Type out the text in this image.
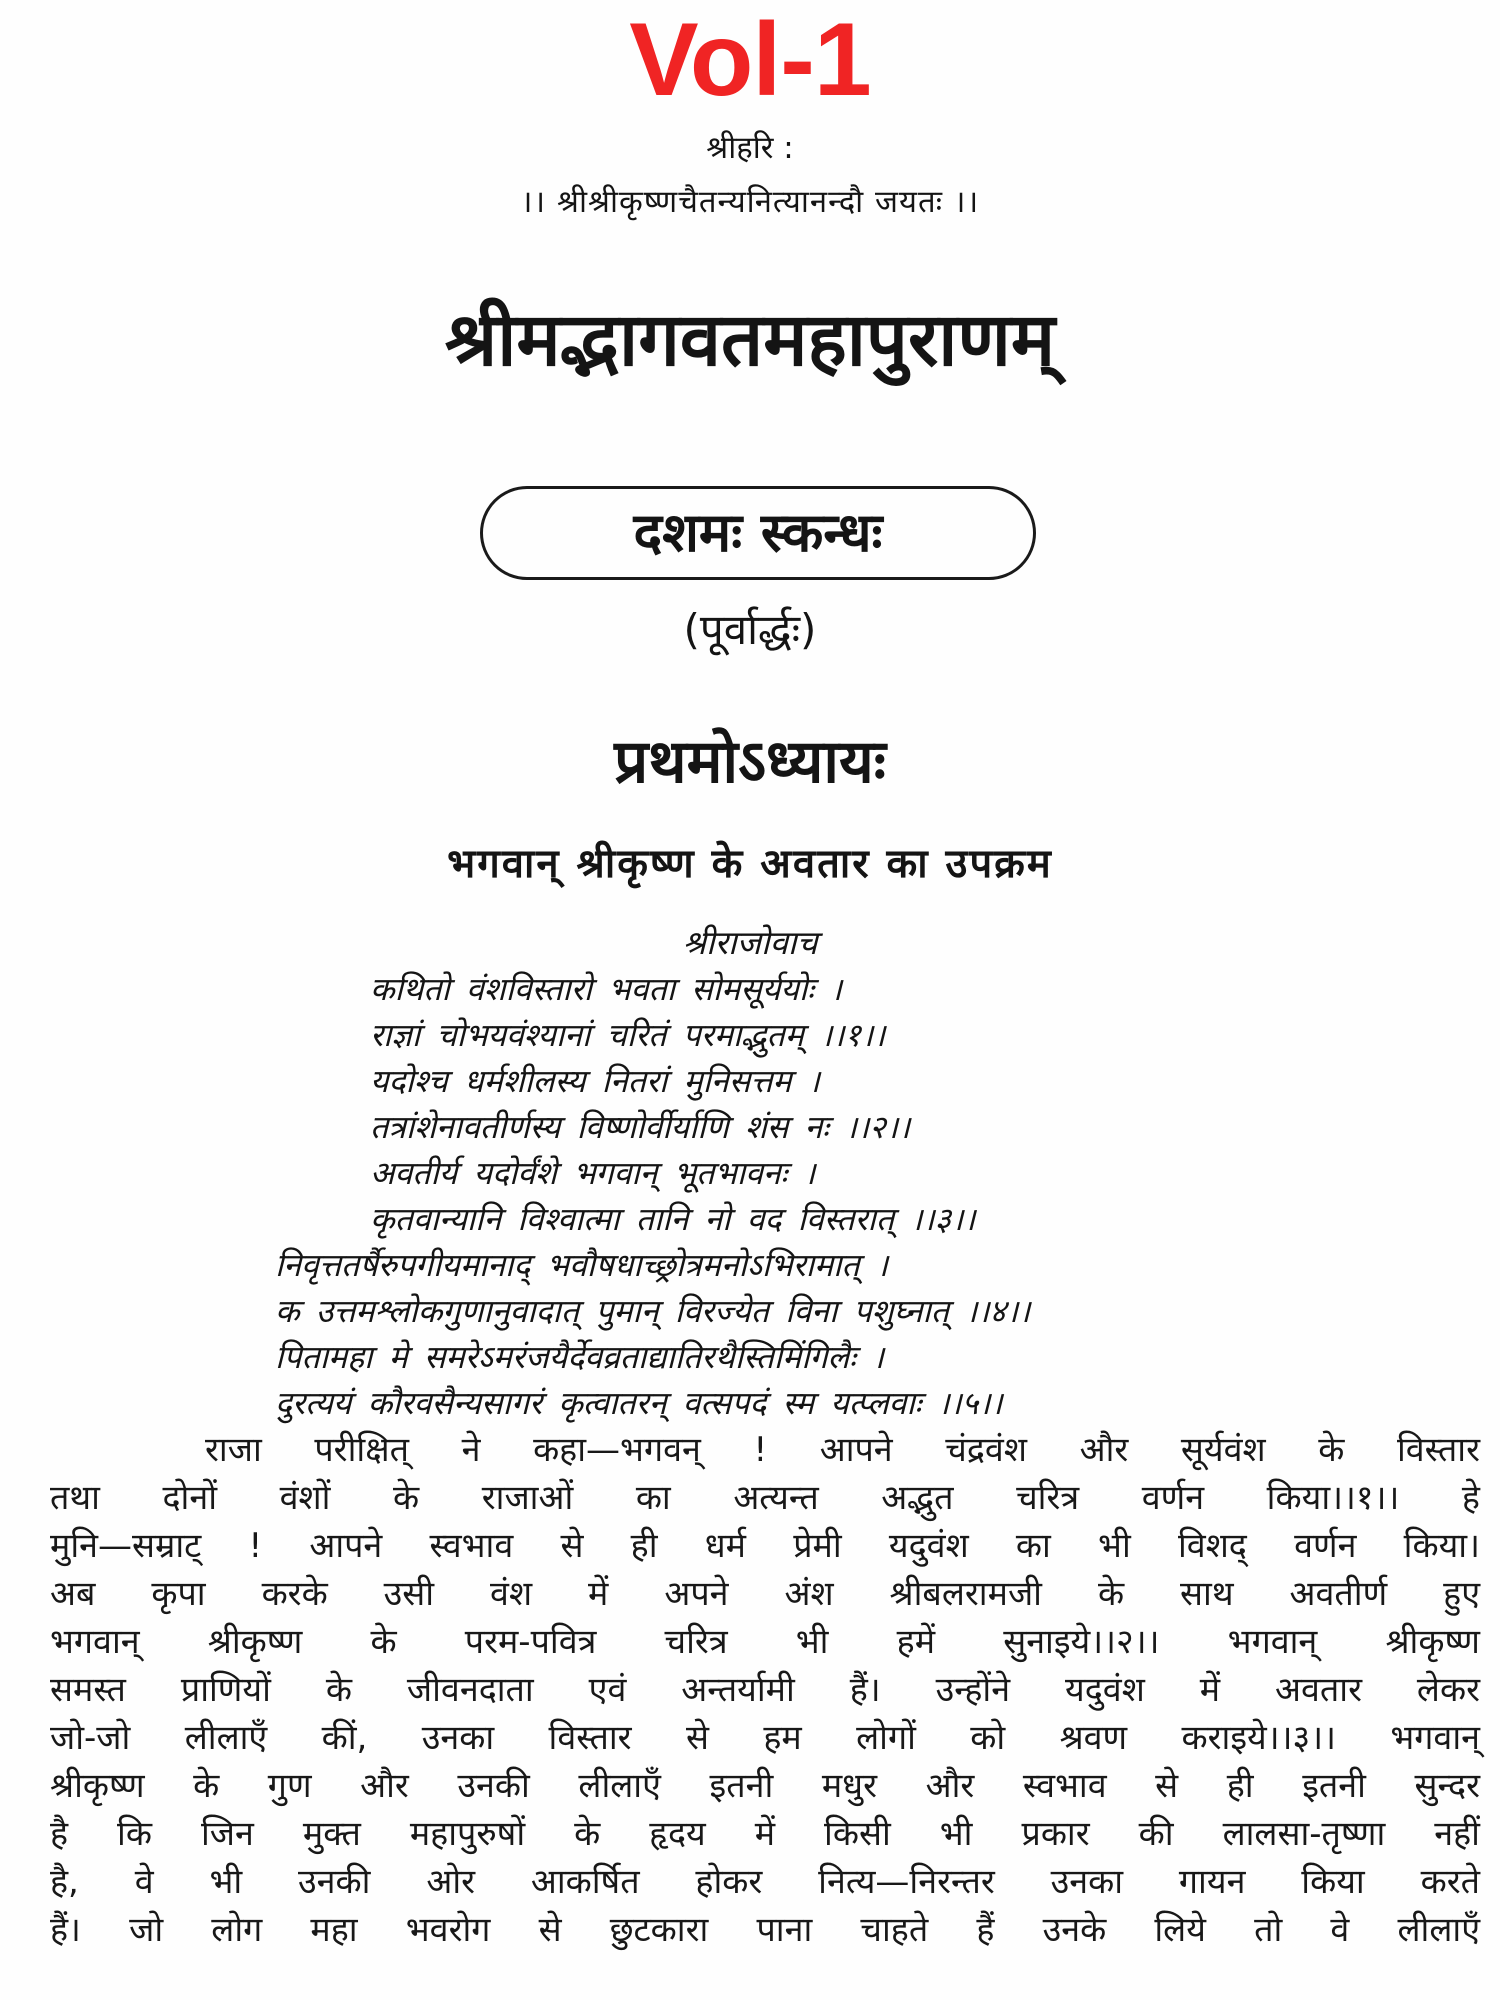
Vol-1
श्रीहरि :
।। श्रीश्रीकृष्णचैतन्यनित्यानन्दौ जयतः ।।
श्रीमद्भागवतमहापुराणम्
दशमः स्कन्धः
(पूर्वार्द्धः)
प्रथमोऽध्यायः
भगवान् श्रीकृष्ण के अवतार का उपक्रम
श्रीराजोवाच
कथितो वंशविस्तारो भवता सोमसूर्ययोः ।
राज्ञां चोभयवंश्यानां चरितं परमाद्भुतम् ।।१।।
यदोश्च धर्मशीलस्य नितरां मुनिसत्तम ।
तत्रांशेनावतीर्णस्य विष्णोर्वीर्याणि शंस नः ।।२।।
अवतीर्य यदोर्वंशे भगवान् भूतभावनः ।
कृतवान्यानि विश्वात्मा तानि नो वद विस्तरात् ।।३।।
निवृत्ततर्षैरुपगीयमानाद् भवौषधाच्छ्रोत्रमनोऽभिरामात् ।
क उत्तमश्लोकगुणानुवादात् पुमान् विरज्येत विना पशुघ्नात् ।।४।।
पितामहा मे समरेऽमरंजयैर्देवव्रताद्यातिरथैस्तिमिंगिलैः ।
दुरत्ययं कौरवसैन्यसागरं कृत्वातरन् वत्सपदं स्म यत्प्लवाः ।।५।।
राजा परीक्षित् ने कहा—भगवन् ! आपने चंद्रवंश और सूर्यवंश के विस्तार
तथा दोनों वंशों के राजाओं का अत्यन्त अद्भुत चरित्र वर्णन किया।।१।। हे
मुनि—सम्राट् ! आपने स्वभाव से ही धर्म प्रेमी यदुवंश का भी विशद् वर्णन किया।
अब कृपा करके उसी वंश में अपने अंश श्रीबलरामजी के साथ अवतीर्ण हुए
भगवान् श्रीकृष्ण के परम-पवित्र चरित्र भी हमें सुनाइये।।२।। भगवान् श्रीकृष्ण
समस्त प्राणियों के जीवनदाता एवं अन्तर्यामी हैं। उन्होंने यदुवंश में अवतार लेकर
जो-जो लीलाएँ कीं, उनका विस्तार से हम लोगों को श्रवण कराइये।।३।। भगवान्
श्रीकृष्ण के गुण और उनकी लीलाएँ इतनी मधुर और स्वभाव से ही इतनी सुन्दर
है कि जिन मुक्त महापुरुषों के हृदय में किसी भी प्रकार की लालसा-तृष्णा नहीं
है, वे भी उनकी ओर आकर्षित होकर नित्य—निरन्तर उनका गायन किया करते
हैं। जो लोग महा भवरोग से छुटकारा पाना चाहते हैं उनके लिये तो वे लीलाएँ
